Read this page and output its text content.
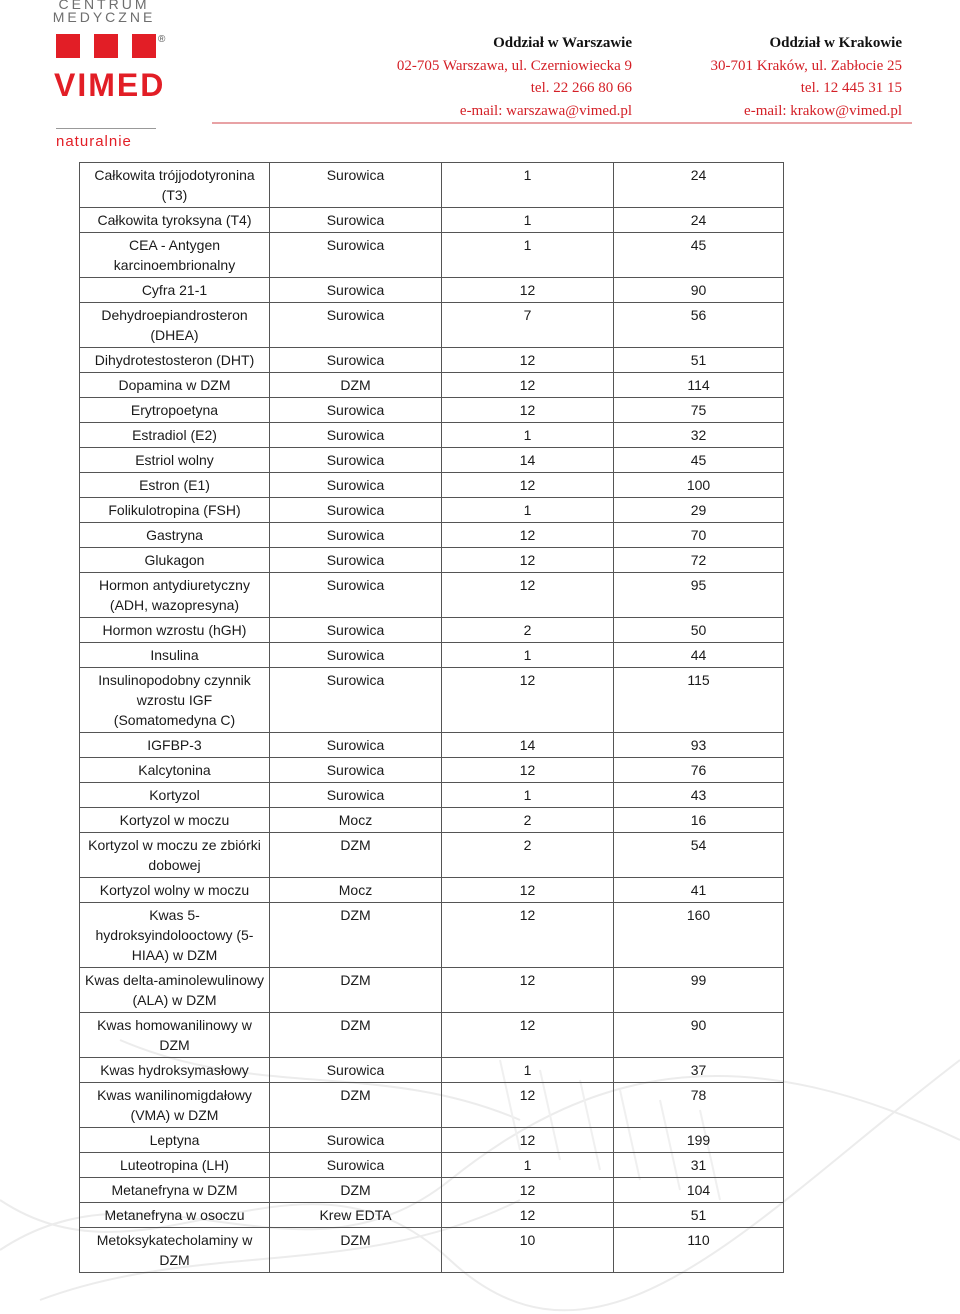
CENTRUM
MEDYCZNE
®
VIMED
naturalnie
Oddział w Warszawie
02-705 Warszawa, ul. Czerniowiecka 9
tel. 22 266 80 66
e-mail: warszawa@vimed.pl
Oddział w Krakowie
30-701 Kraków, ul. Zabłocie 25
tel. 12 445 31 15
e-mail: krakow@vimed.pl
Całkowita trójjodotyronina (T3)	Surowica	1	24
Całkowita tyroksyna (T4)	Surowica	1	24
CEA - Antygen karcinoembrionalny	Surowica	1	45
Cyfra 21-1	Surowica	12	90
Dehydroepiandrosteron (DHEA)	Surowica	7	56
Dihydrotestosteron (DHT)	Surowica	12	51
Dopamina w DZM	DZM	12	114
Erytropoetyna	Surowica	12	75
Estradiol (E2)	Surowica	1	32
Estriol wolny	Surowica	14	45
Estron (E1)	Surowica	12	100
Folikulotropina (FSH)	Surowica	1	29
Gastryna	Surowica	12	70
Glukagon	Surowica	12	72
Hormon antydiuretyczny (ADH, wazopresyna)	Surowica	12	95
Hormon wzrostu (hGH)	Surowica	2	50
Insulina	Surowica	1	44
Insulinopodobny czynnik wzrostu IGF (Somatomedyna C)	Surowica	12	115
IGFBP-3	Surowica	14	93
Kalcytonina	Surowica	12	76
Kortyzol	Surowica	1	43
Kortyzol w moczu	Mocz	2	16
Kortyzol w moczu ze zbiórki dobowej	DZM	2	54
Kortyzol wolny w moczu	Mocz	12	41
Kwas 5-hydroksyindolooctowy (5-HIAA) w DZM	DZM	12	160
Kwas delta-aminolewulinowy (ALA) w DZM	DZM	12	99
Kwas homowanilinowy w DZM	DZM	12	90
Kwas hydroksymasłowy	Surowica	1	37
Kwas wanilinomigdałowy (VMA) w DZM	DZM	12	78
Leptyna	Surowica	12	199
Luteotropina (LH)	Surowica	1	31
Metanefryna w DZM	DZM	12	104
Metanefryna w osoczu	Krew EDTA	12	51
Metoksykatecholaminy w DZM	DZM	10	110
